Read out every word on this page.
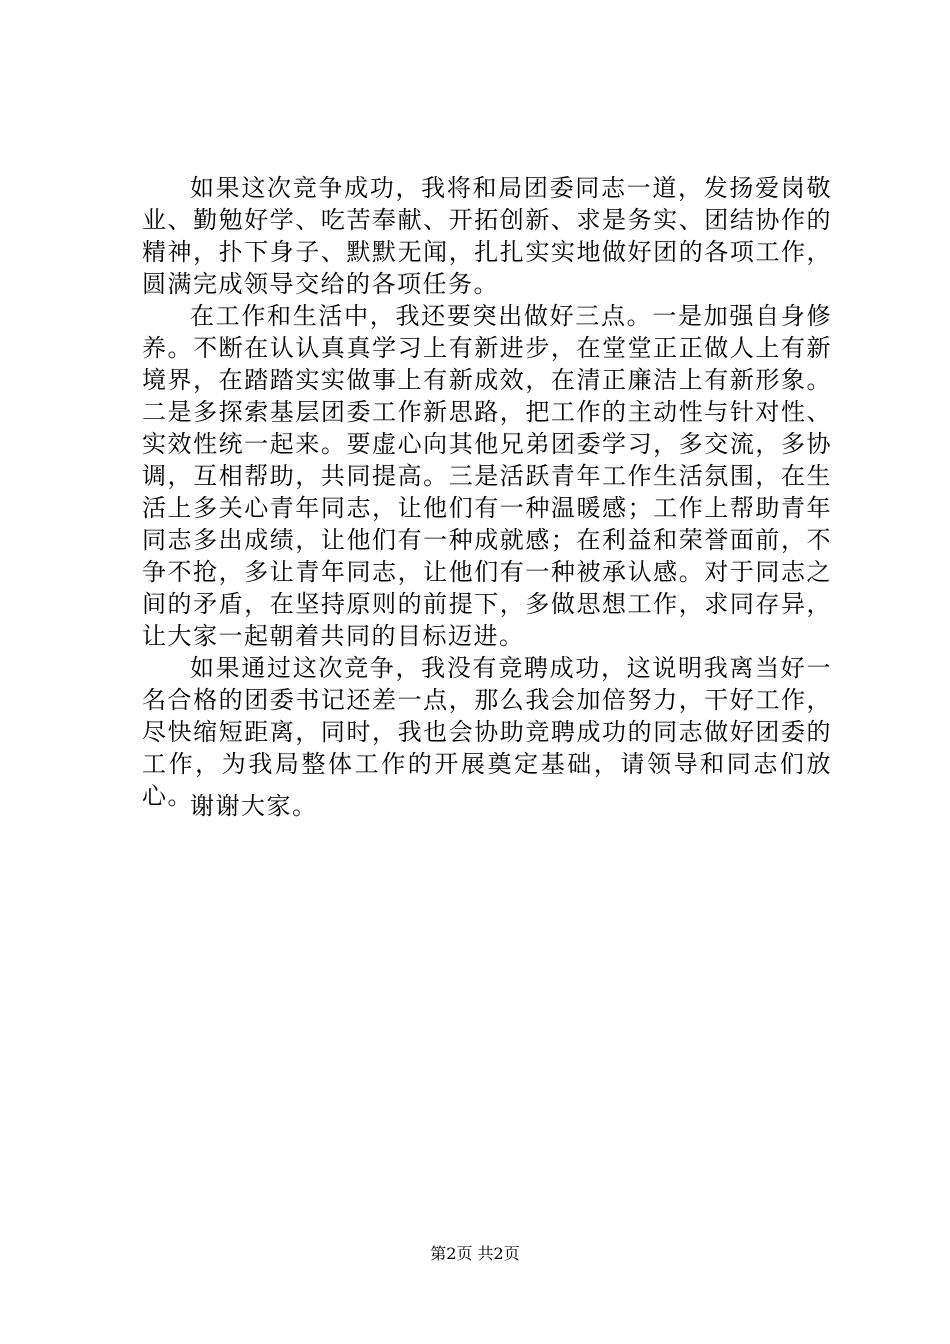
如果这次竞争成功，我将和局团委同志一道，发扬爱岗敬业、勤勉好学、吃苦奉献、开拓创新、求是务实、团结协作的精神，扑下身子、默默无闻，扎扎实实地做好团的各项工作，圆满完成领导交给的各项任务。

在工作和生活中，我还要突出做好三点。一是加强自身修养。不断在认认真真学习上有新进步，在堂堂正正做人上有新境界，在踏踏实实做事上有新成效，在清正廉洁上有新形象。二是多探索基层团委工作新思路，把工作的主动性与针对性、实效性统一起来。要虚心向其他兄弟团委学习，多交流，多协调，互相帮助，共同提高。三是活跃青年工作生活氛围，在生活上多关心青年同志，让他们有一种温暖感；工作上帮助青年同志多出成绩，让他们有一种成就感；在利益和荣誉面前，不争不抢，多让青年同志，让他们有一种被承认感。对于同志之间的矛盾，在坚持原则的前提下，多做思想工作，求同存异，让大家一起朝着共同的目标迈进。

如果通过这次竞争，我没有竞聘成功，这说明我离当好一名合格的团委书记还差一点，那么我会加倍努力，干好工作，尽快缩短距离，同时，我也会协助竞聘成功的同志做好团委的工作，为我局整体工作的开展奠定基础，请领导和同志们放心。

谢谢大家。
第2页 共2页
